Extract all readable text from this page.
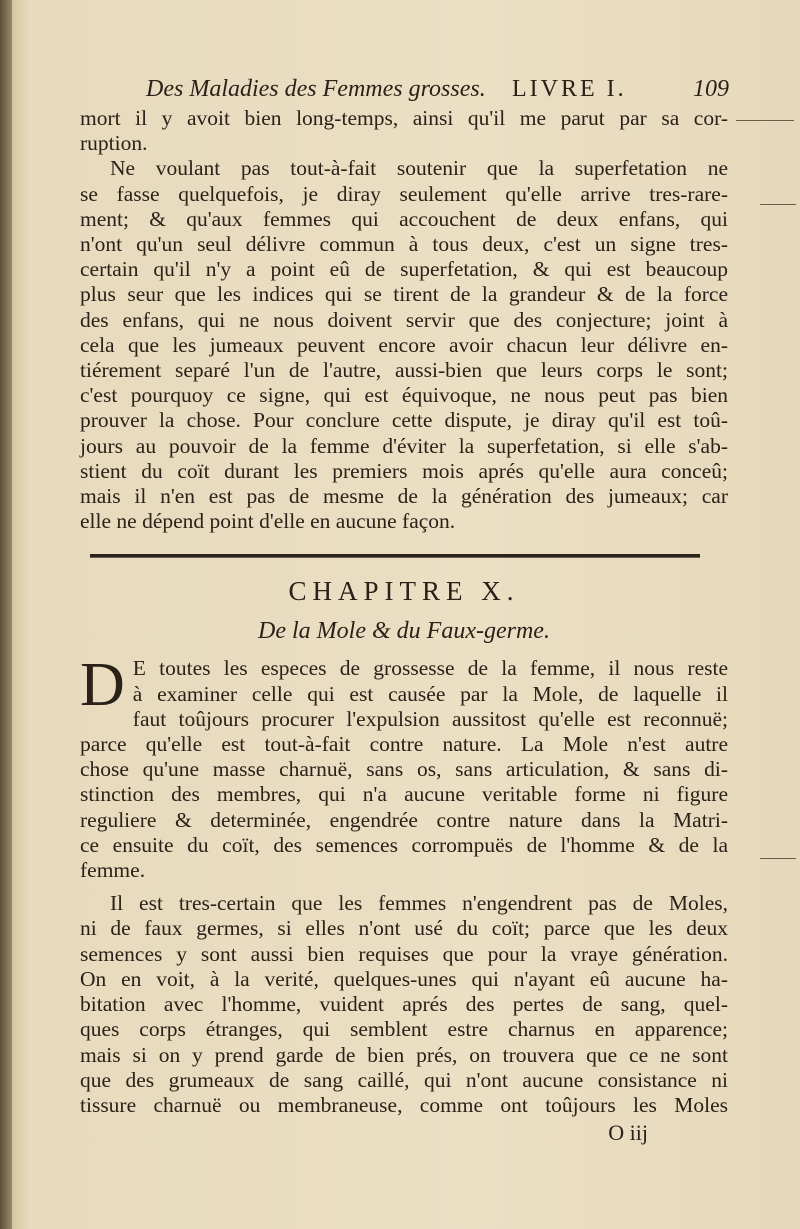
Des Maladies des Femmes grosses. LIVRE I.	109

mort il y avoit bien long-temps, ainsi qu'il me parut par sa cor-
ruption.

Ne voulant pas tout-à-fait soutenir que la superfetation ne
se fasse quelquefois, je diray seulement qu'elle arrive tres-rare-
ment; & qu'aux femmes qui accouchent de deux enfans, qui
n'ont qu'un seul délivre commun à tous deux, c'est un signe tres-
certain qu'il n'y a point eû de superfetation, & qui est beaucoup
plus seur que les indices qui se tirent de la grandeur & de la force
des enfans, qui ne nous doivent servir que des conjecture; joint à
cela que les jumeaux peuvent encore avoir chacun leur délivre en-
tiérement separé l'un de l'autre, aussi-bien que leurs corps le sont;
c'est pourquoy ce signe, qui est équivoque, ne nous peut pas bien
prouver la chose. Pour conclure cette dispute, je diray qu'il est toû-
jours au pouvoir de la femme d'éviter la superfetation, si elle s'ab-
stient du coït durant les premiers mois aprés qu'elle aura conceû;
mais il n'en est pas de mesme de la génération des jumeaux; car
elle ne dépend point d'elle en aucune façon.

CHAPITRE X.
De la Mole & du Faux-germe.

D E toutes les especes de grossesse de la femme, il nous reste
à examiner celle qui est causée par la Mole, de laquelle il
faut toûjours procurer l'expulsion aussitost qu'elle est reconnuë;
parce qu'elle est tout-à-fait contre nature. La Mole n'est autre
chose qu'une masse charnuë, sans os, sans articulation, & sans di-
stinction des membres, qui n'a aucune veritable forme ni figure
reguliere & determinée, engendrée contre nature dans la Matri-
ce ensuite du coït, des semences corrompuës de l'homme & de la
femme.

Il est tres-certain que les femmes n'engendrent pas de Moles,
ni de faux germes, si elles n'ont usé du coït; parce que les deux
semences y sont aussi bien requises que pour la vraye génération.
On en voit, à la verité, quelques-unes qui n'ayant eû aucune ha-
bitation avec l'homme, vuident aprés des pertes de sang, quel-
ques corps étranges, qui semblent estre charnus en apparence;
mais si on y prend garde de bien prés, on trouvera que ce ne sont
que des grumeaux de sang caillé, qui n'ont aucune consistance ni
tissure charnuë ou membraneuse, comme ont toûjours les Moles

O iij
